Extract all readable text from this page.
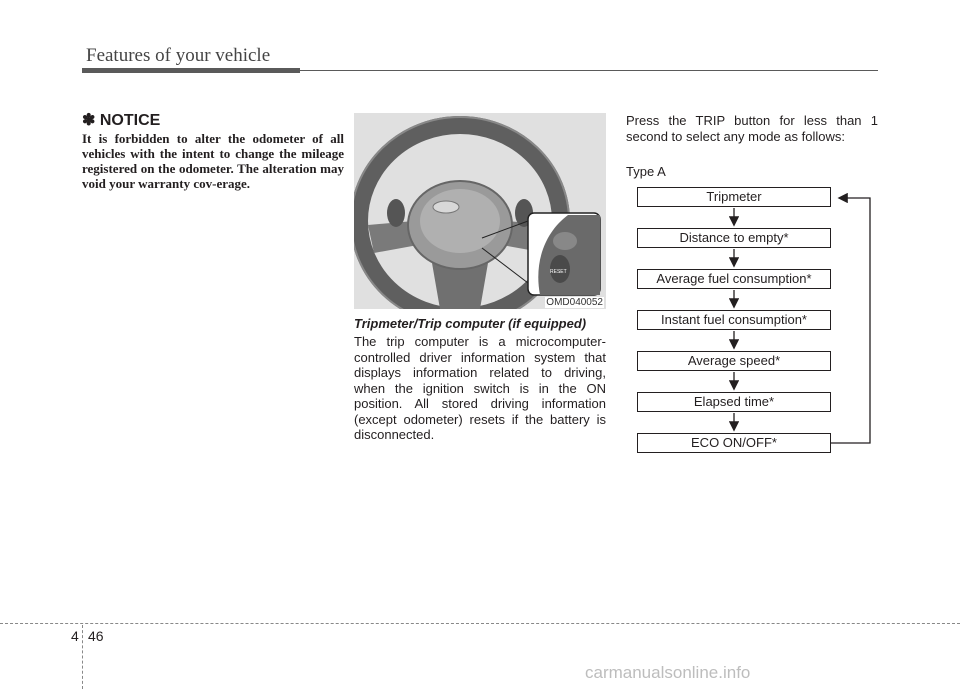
Features of your vehicle
✽ NOTICE
It is forbidden to alter the odometer of all vehicles with the intent to change the mileage registered on the odometer. The alteration may void your warranty cov-erage.
RESET
OMD040052
Tripmeter/Trip computer (if equipped)
The trip computer is a microcomputer-controlled driver information system that displays information related to driving, when the ignition switch is in the ON position. All stored driving information (except odometer) resets if the battery is disconnected.
Press the TRIP button for less than 1 second to select any mode as follows:
Type A
Tripmeter
Distance to empty*
Average fuel consumption*
Instant fuel consumption*
Average speed*
Elapsed time*
ECO ON/OFF*
4 46
carmanualsonline.info
